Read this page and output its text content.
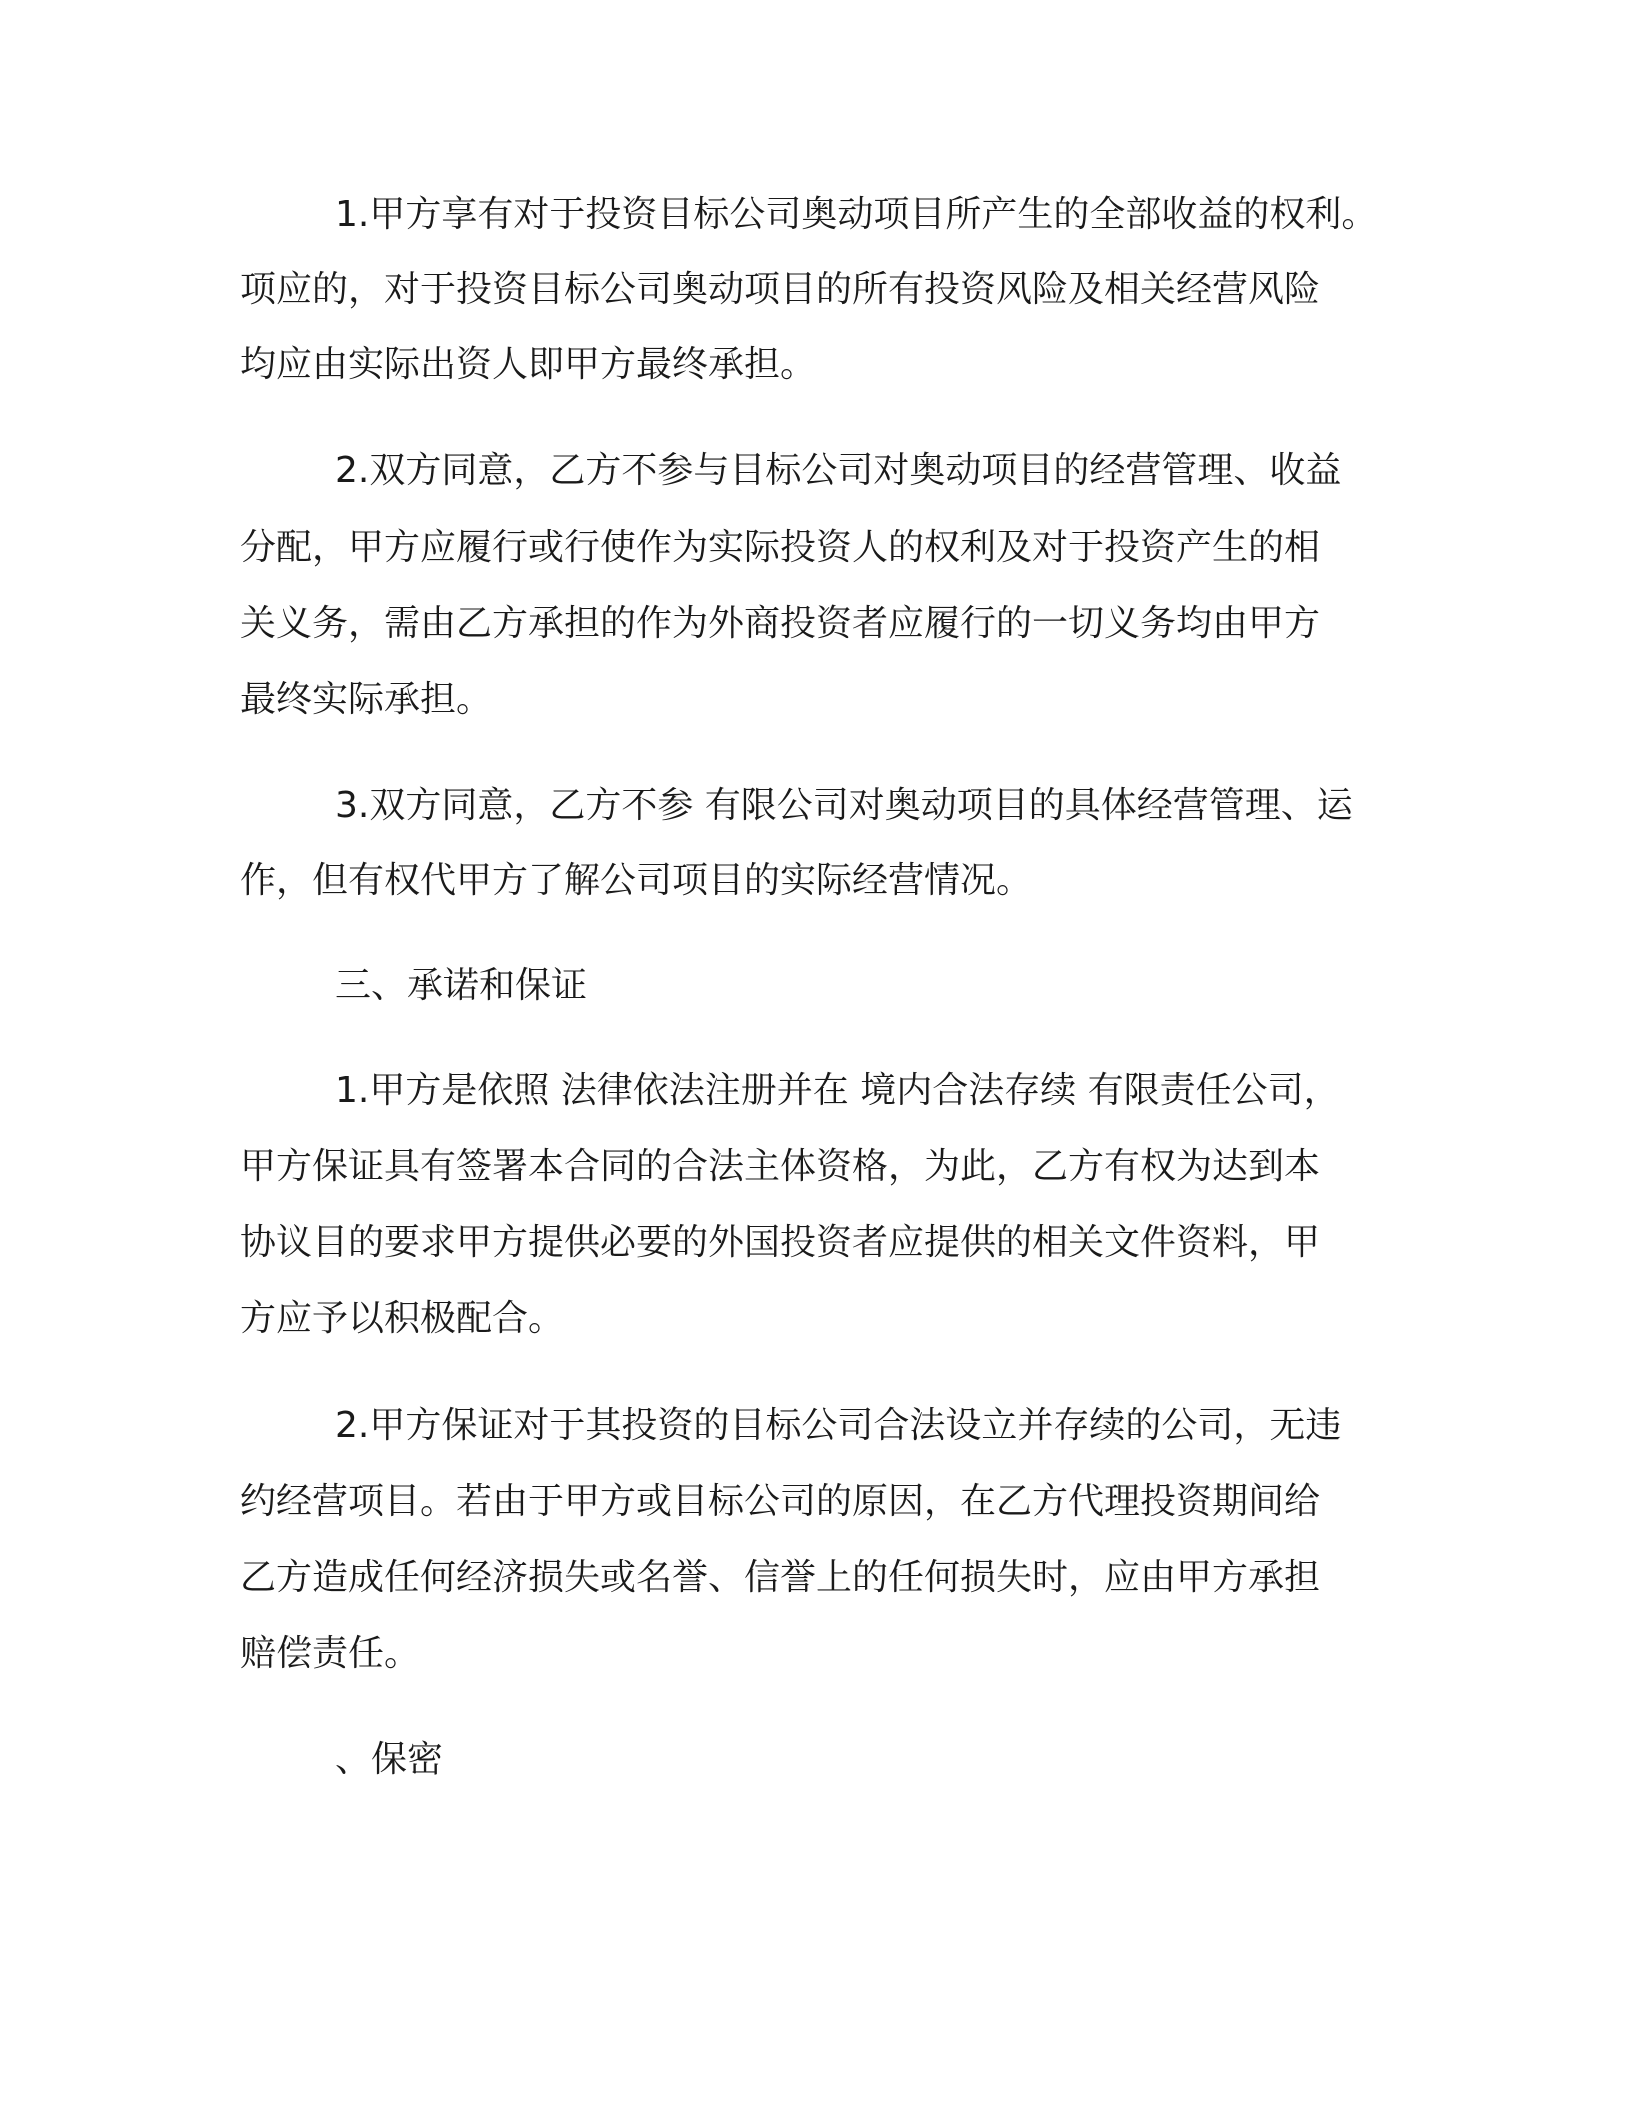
1.甲方享有对于投资目标公司奥动项目所产生的全部收益的权利。

项应的，对于投资目标公司奥动项目的所有投资风险及相关经营风险

均应由实际出资人即甲方最终承担。

2.双方同意，乙方不参与目标公司对奥动项目的经营管理、收益

分配，甲方应履行或行使作为实际投资人的权利及对于投资产生的相

关义务，需由乙方承担的作为外商投资者应履行的一切义务均由甲方

最终实际承担。

3.双方同意，乙方不参 有限公司对奥动项目的具体经营管理、运

作，但有权代甲方了解公司项目的实际经营情况。

三、承诺和保证

1.甲方是依照 法律依法注册并在 境内合法存续 有限责任公司，

甲方保证具有签署本合同的合法主体资格，为此，乙方有权为达到本

协议目的要求甲方提供必要的外国投资者应提供的相关文件资料，甲

方应予以积极配合。

2.甲方保证对于其投资的目标公司合法设立并存续的公司，无违

约经营项目。若由于甲方或目标公司的原因，在乙方代理投资期间给

乙方造成任何经济损失或名誉、信誉上的任何损失时，应由甲方承担

赔偿责任。

、保密
